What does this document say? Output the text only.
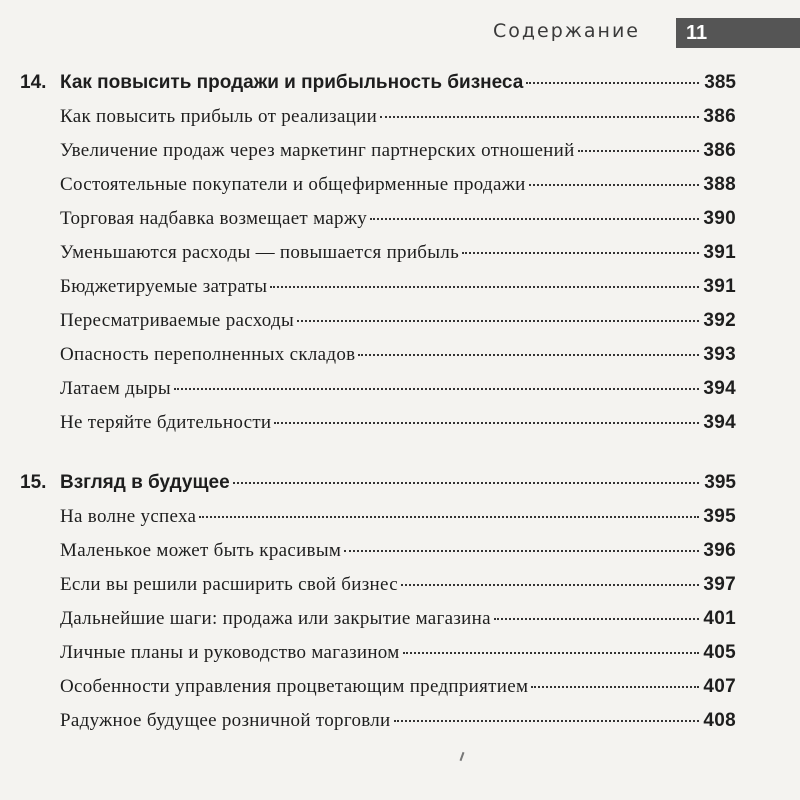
Содержание	11
14. Как повысить продажи и прибыльность бизнеса	385
Как повысить прибыль от реализации	386
Увеличение продаж через маркетинг партнерских отношений	386
Состоятельные покупатели и общефирменные продажи	388
Торговая надбавка возмещает маржу	390
Уменьшаются расходы — повышается прибыль	391
Бюджетируемые затраты	391
Пересматриваемые расходы	392
Опасность переполненных складов	393
Латаем дыры	394
Не теряйте бдительности	394
15. Взгляд в будущее	395
На волне успеха	395
Маленькое может быть красивым	396
Если вы решили расширить свой бизнес	397
Дальнейшие шаги: продажа или закрытие магазина	401
Личные планы и руководство магазином	405
Особенности управления процветающим предприятием	407
Радужное будущее розничной торговли	408
